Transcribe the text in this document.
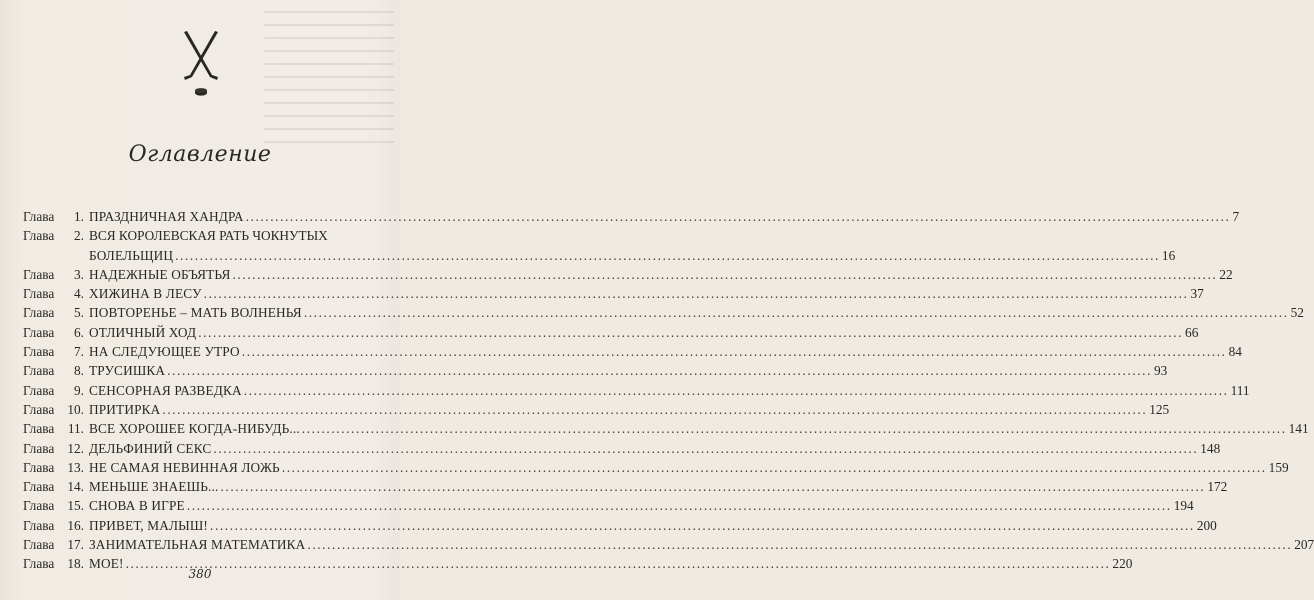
Оглавление
Глава	1. ПРАЗДНИЧНАЯ ХАНДРА .....	7
Глава	2. ВСЯ КОРОЛЕВСКАЯ РАТЬ ЧОКНУТЫХ
БОЛЕЛЬЩИЦ .....	16
Глава	3. НАДЕЖНЫЕ ОБЪЯТЬЯ .....	22
Глава	4. ХИЖИНА В ЛЕСУ .....	37
Глава	5. ПОВТОРЕНЬЕ – МАТЬ ВОЛНЕНЬЯ .....	52
Глава	6. ОТЛИЧНЫЙ ХОД .....	66
Глава	7. НА СЛЕДУЮЩЕЕ УТРО .....	84
Глава	8. ТРУСИШКА .....	93
Глава	9. СЕНСОРНАЯ РАЗВЕДКА .....	111
Глава 10. ПРИТИРКА .....	125
Глава	11. ВСЕ ХОРОШЕЕ КОГДА-НИБУДЬ... .....	141
Глава 12. ДЕЛЬФИНИЙ СЕКС .....	148
Глава 13. НЕ САМАЯ НЕВИННАЯ ЛОЖЬ .....	159
Глава 14. МЕНЬШЕ ЗНАЕШЬ... .....	172
Глава 15. СНОВА В ИГРЕ .....	194
Глава 16. ПРИВЕТ, МАЛЫШ! .....	200
Глава 17. ЗАНИМАТЕЛЬНАЯ МАТЕМАТИКА .....	207
Глава 18. МОЕ! .....	220
380
